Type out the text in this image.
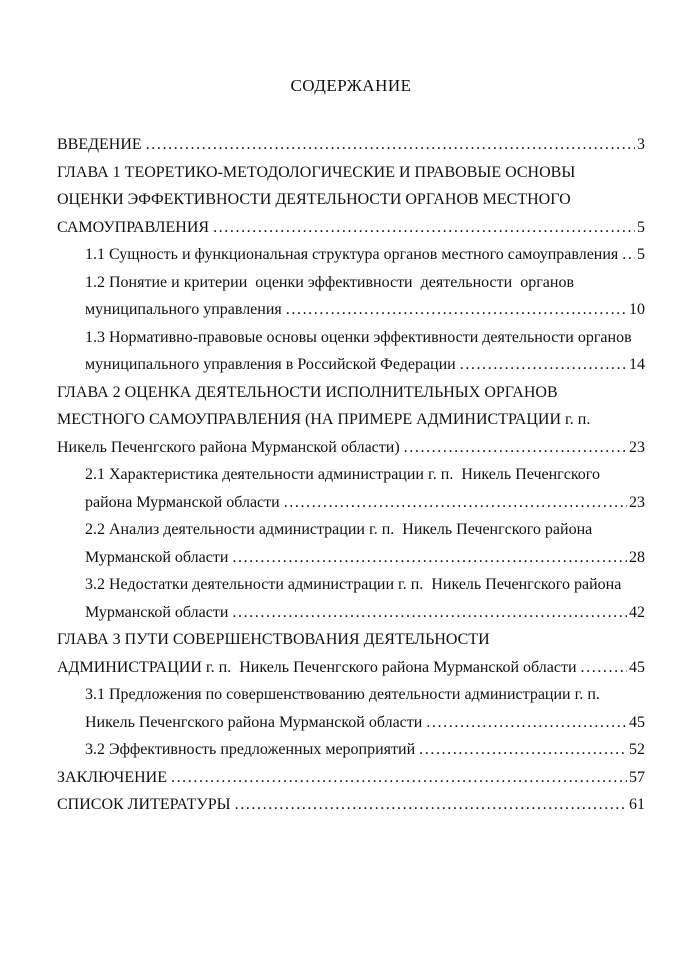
СОДЕРЖАНИЕ
ВВЕДЕНИЕ .....	3
ГЛАВА 1 ТЕОРЕТИКО-МЕТОДОЛОГИЧЕСКИЕ И ПРАВОВЫЕ ОСНОВЫ
ОЦЕНКИ ЭФФЕКТИВНОСТИ ДЕЯТЕЛЬНОСТИ ОРГАНОВ МЕСТНОГО
САМОУПРАВЛЕНИЯ .....	5
1.1 Сущность и функциональная структура органов местного самоуправления ..... 5
1.2 Понятие и критерии  оценки эффективности  деятельности  органов
муниципального управления .....	10
1.3 Нормативно-правовые основы оценки эффективности деятельности органов
муниципального управления в Российской Федерации .....	14
ГЛАВА 2 ОЦЕНКА ДЕЯТЕЛЬНОСТИ ИСПОЛНИТЕЛЬНЫХ ОРГАНОВ
МЕСТНОГО САМОУПРАВЛЕНИЯ (НА ПРИМЕРЕ АДМИНИСТРАЦИИ г. п.
Никель Печенгского района Мурманской области) .....	23
2.1 Характеристика деятельности администрации г. п.  Никель Печенгского
района Мурманской области .....	23
2.2 Анализ деятельности администрации г. п.  Никель Печенгского района
Мурманской области .....	28
3.2 Недостатки деятельности администрации г. п.  Никель Печенгского района
Мурманской области .....	42
ГЛАВА 3 ПУТИ СОВЕРШЕНСТВОВАНИЯ ДЕЯТЕЛЬНОСТИ
АДМИНИСТРАЦИИ г. п.  Никель Печенгского района Мурманской области .....	45
3.1 Предложения по совершенствованию деятельности администрации г. п.
Никель Печенгского района Мурманской области .....	45
3.2 Эффективность предложенных мероприятий .....	52
ЗАКЛЮЧЕНИЕ .....	57
СПИСОК ЛИТЕРАТУРЫ .....	61
